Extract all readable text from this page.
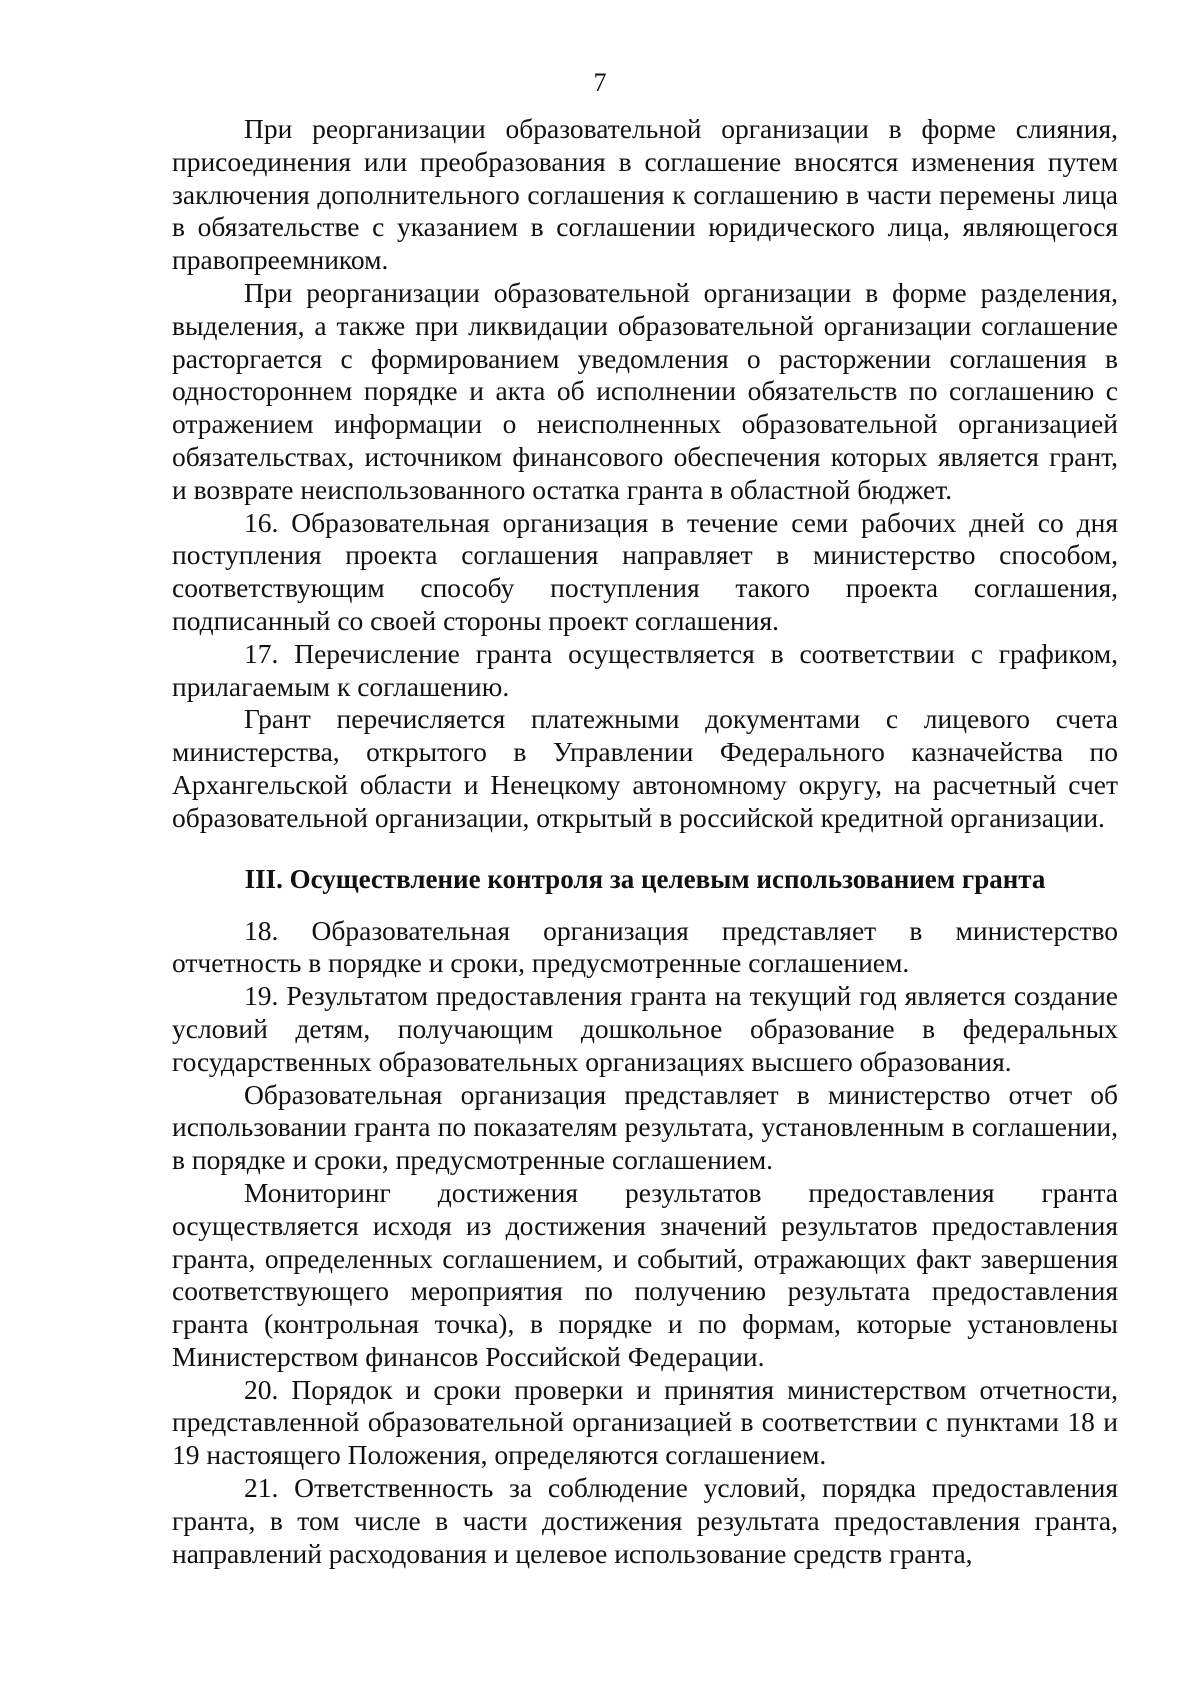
7

При реорганизации образовательной организации в форме слияния, присоединения или преобразования в соглашение вносятся изменения путем заключения дополнительного соглашения к соглашению в части перемены лица в обязательстве с указанием в соглашении юридического лица, являющегося правопреемником.

При реорганизации образовательной организации в форме разделения, выделения, а также при ликвидации образовательной организации соглашение расторгается с формированием уведомления о расторжении соглашения в одностороннем порядке и акта об исполнении обязательств по соглашению с отражением информации о неисполненных образовательной организацией обязательствах, источником финансового обеспечения которых является грант, и возврате неиспользованного остатка гранта в областной бюджет.

16. Образовательная организация в течение семи рабочих дней со дня поступления проекта соглашения направляет в министерство способом, соответствующим способу поступления такого проекта соглашения, подписанный со своей стороны проект соглашения.

17. Перечисление гранта осуществляется в соответствии с графиком, прилагаемым к соглашению.

Грант перечисляется платежными документами с лицевого счета министерства, открытого в Управлении Федерального казначейства по Архангельской области и Ненецкому автономному округу, на расчетный счет образовательной организации, открытый в российской кредитной организации.

III. Осуществление контроля за целевым использованием гранта

18. Образовательная организация представляет в министерство отчетность в порядке и сроки, предусмотренные соглашением.

19. Результатом предоставления гранта на текущий год является создание условий детям, получающим дошкольное образование в федеральных государственных образовательных организациях высшего образования.

Образовательная организация представляет в министерство отчет об использовании гранта по показателям результата, установленным в соглашении, в порядке и сроки, предусмотренные соглашением.

Мониторинг достижения результатов предоставления гранта осуществляется исходя из достижения значений результатов предоставления гранта, определенных соглашением, и событий, отражающих факт завершения соответствующего мероприятия по получению результата предоставления гранта (контрольная точка), в порядке и по формам, которые установлены Министерством финансов Российской Федерации.

20. Порядок и сроки проверки и принятия министерством отчетности, представленной образовательной организацией в соответствии с пунктами 18 и 19 настоящего Положения, определяются соглашением.

21. Ответственность за соблюдение условий, порядка предоставления гранта, в том числе в части достижения результата предоставления гранта, направлений расходования и целевое использование средств гранта,
